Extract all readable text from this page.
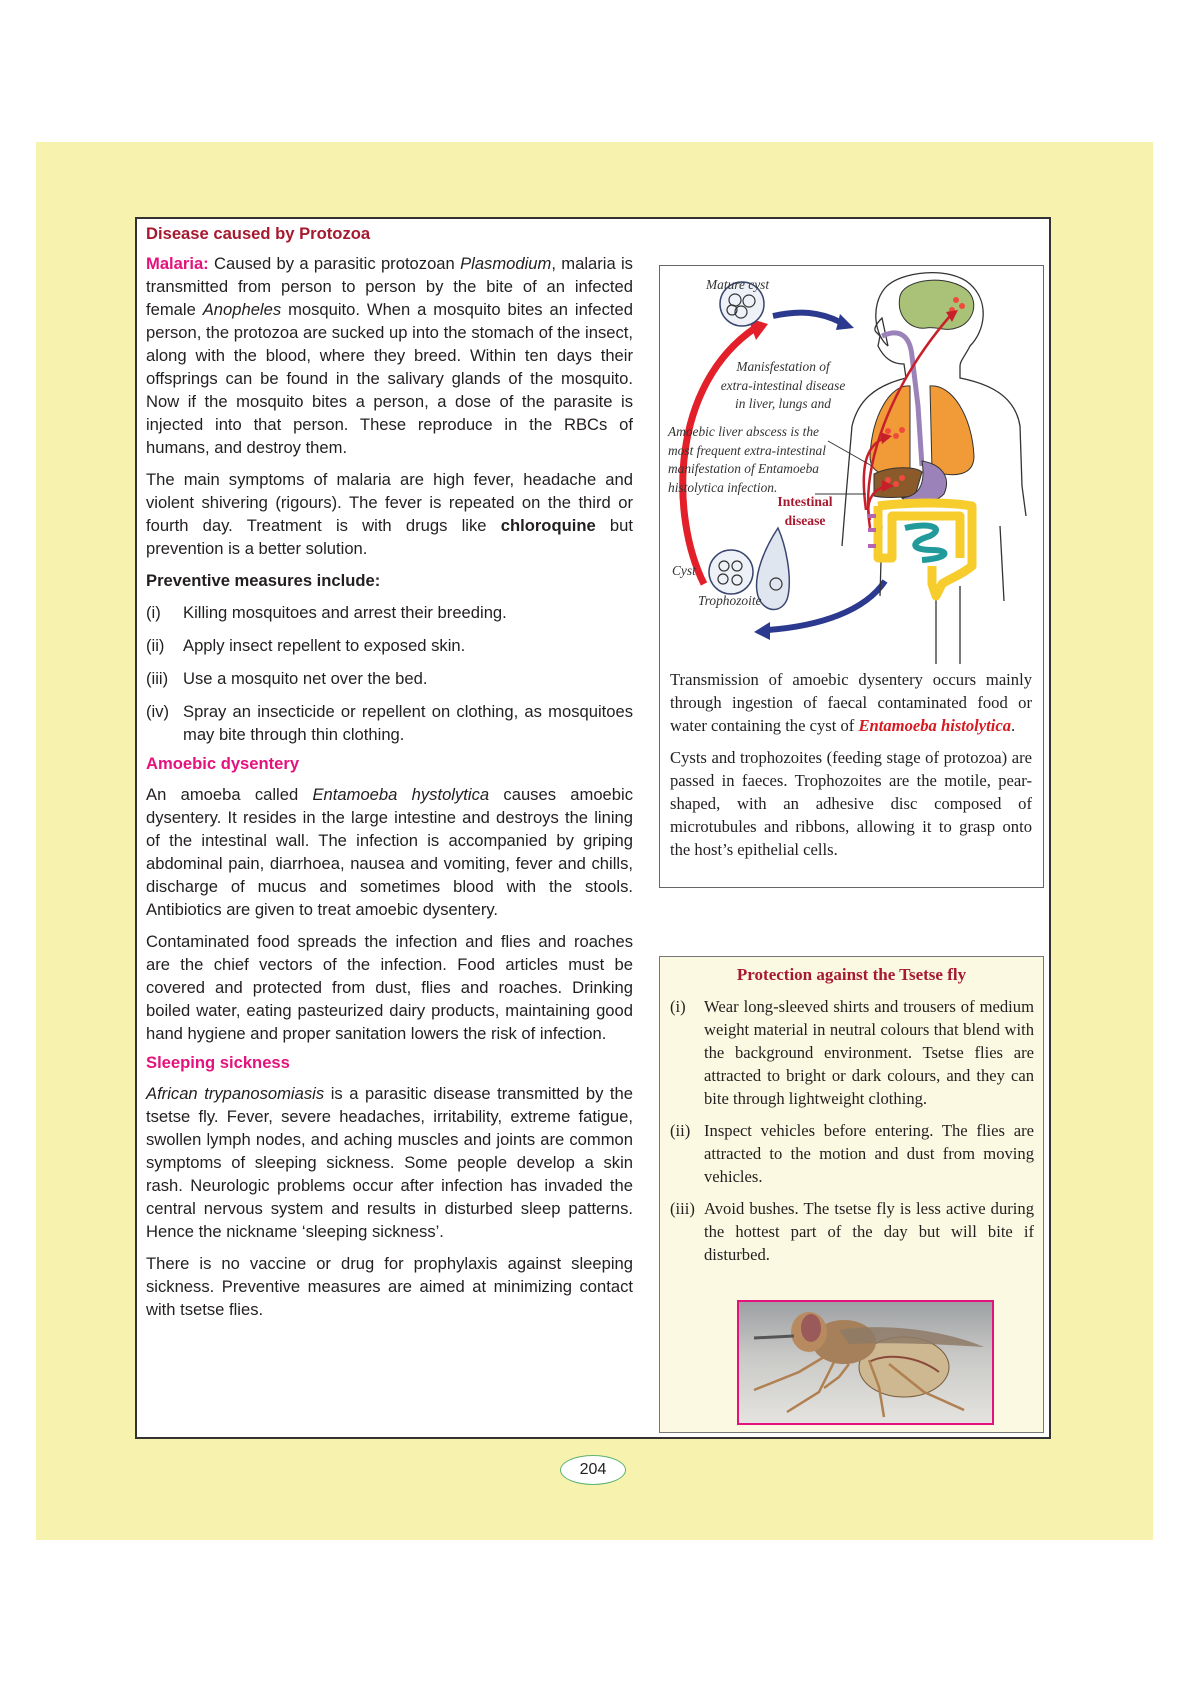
Disease caused by Protozoa

Malaria: Caused by a parasitic protozoan Plasmodium, malaria is transmitted from person to person by the bite of an infected female Anopheles mosquito. When a mosquito bites an infected person, the protozoa are sucked up into the stomach of the insect, along with the blood, where they breed. Within ten days their offsprings can be found in the salivary glands of the mosquito. Now if the mosquito bites a person, a dose of the parasite is injected into that person. These reproduce in the RBCs of humans, and destroy them.

The main symptoms of malaria are high fever, headache and violent shivering (rigours). The fever is repeated on the third or fourth day. Treatment is with drugs like chloroquine but prevention is a better solution.

Preventive measures include:

(i)	Killing mosquitoes and arrest their breeding.
(ii)	Apply insect repellent to exposed skin.
(iii) Use a mosquito net over the bed.
(iv) Spray an insecticide or repellent on clothing, as mosquitoes may bite through thin clothing.
Amoebic dysentery

An amoeba called Entamoeba hystolytica causes amoebic dysentery. It resides in the large intestine and destroys the lining of the intestinal wall. The infection is accompanied by griping abdominal pain, diarrhoea, nausea and vomiting, fever and chills, discharge of mucus and sometimes blood with the stools. Antibiotics are given to treat amoebic dysentery.

Contaminated food spreads the infection and flies and roaches are the chief vectors of the infection. Food articles must be covered and protected from dust, flies and roaches. Drinking boiled water, eating pasteurized dairy products, maintaining good hand hygiene and proper sanitation lowers the risk of infection.

Sleeping sickness

African trypanosomiasis is a parasitic disease transmitted by the tsetse fly. Fever, severe headaches, irritability, extreme fatigue, swollen lymph nodes, and aching muscles and joints are common symptoms of sleeping sickness. Some people develop a skin rash. Neurologic problems occur after infection has invaded the central nervous system and results in disturbed sleep patterns. Hence the nickname ‘sleeping sickness’.

There is no vaccine or drug for prophylaxis against sleeping sickness. Preventive measures are aimed at minimizing contact with tsetse flies.

Mature cyst
Manisfestation of
extra-intestinal disease
in liver, lungs and
Amoebic liver abscess is the
most frequent extra-intestinal
manifestation of Entamoeba
histolytica infection.
Intestinal
disease
Cyst
Trophozoite

Transmission of amoebic dysentery occurs mainly through ingestion of faecal contaminated food or water containing the cyst of Entamoeba histolytica.

Cysts and trophozoites (feeding stage of protozoa) are passed in faeces. Trophozoites are the motile, pear-shaped, with an adhesive disc composed of microtubules and ribbons, allowing it to grasp onto the host’s epithelial cells.

Protection against the Tsetse fly
(i)	Wear long-sleeved shirts and trousers of medium weight material in neutral colours that blend with the background environment. Tsetse flies are attracted to bright or dark colours, and they can bite through lightweight clothing.
(ii) Inspect vehicles before entering. The flies are attracted to the motion and dust from moving vehicles.
(iii) Avoid bushes. The tsetse fly is less active during the hottest part of the day but will bite if disturbed.
204
